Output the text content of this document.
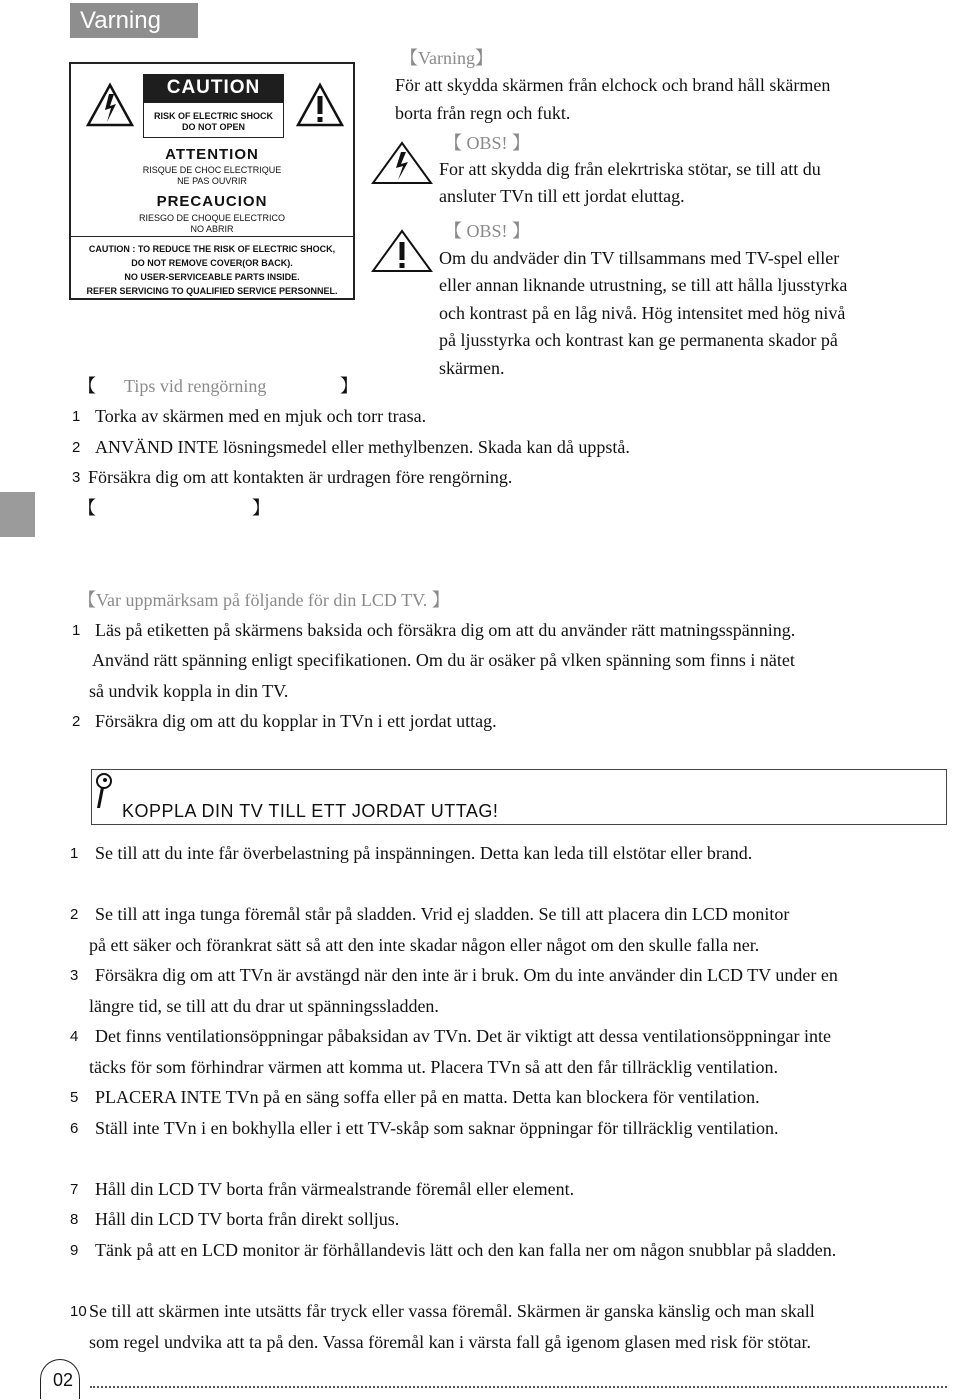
Varning
CAUTION
RISK OF ELECTRIC SHOCK
DO NOT OPEN
ATTENTION
RISQUE DE CHOC ELECTRIQUE
NE PAS OUVRIR
PRECAUCION
RIESGO DE CHOQUE ELECTRICO
NO ABRIR
CAUTION : TO REDUCE THE RISK OF ELECTRIC SHOCK,
DO NOT REMOVE COVER(OR BACK).
NO USER-SERVICEABLE PARTS INSIDE.
REFER SERVICING TO QUALIFIED SERVICE PERSONNEL.
【Varning】
För att skydda skärmen från elchock och brand håll skärmen
borta från regn och fukt.
【 OBS! 】
For att skydda dig från elekrtriska stötar, se till att du
ansluter TVn till ett jordat eluttag.
【 OBS! 】
Om du andväder din TV tillsammans med TV-spel eller
eller annan liknande utrustning, se till att hålla ljusstyrka
och kontrast på en låg nivå. Hög intensitet med hög nivå
på ljusstyrka och kontrast kan ge permanenta skador på
skärmen.
【 Tips vid rengörning	】
1 Torka av skärmen med en mjuk och torr trasa.
2 ANVÄND INTE lösningsmedel eller methylbenzen. Skada kan då uppstå.
3 Försäkra dig om att kontakten är urdragen före rengörning.
【	】
【Var uppmärksam på följande för din LCD TV. 】
1 Läs på etiketten på skärmens baksida och försäkra dig om att du använder rätt matningsspänning.
Använd rätt spänning enligt specifikationen. Om du är osäker på vlken spänning som finns i nätet
så undvik koppla in din TV.
2 Försäkra dig om att du kopplar in TVn i ett jordat uttag.
KOPPLA DIN TV TILL ETT JORDAT UTTAG!
1 Se till att du inte får överbelastning på inspänningen. Detta kan leda till elstötar eller brand.
2 Se till att inga tunga föremål står på sladden. Vrid ej sladden. Se till att placera din LCD monitor
på ett säker och förankrat sätt så att den inte skadar någon eller något om den skulle falla ner.
3 Försäkra dig om att TVn är avstängd när den inte är i bruk. Om du inte använder din LCD TV under en
längre tid, se till att du drar ut spänningssladden.
4 Det finns ventilationsöppningar påbaksidan av TVn. Det är viktigt att dessa ventilationsöppningar inte
täcks för som förhindrar värmen att komma ut. Placera TVn så att den får tillräcklig ventilation.
5 PLACERA INTE TVn på en säng soffa eller på en matta. Detta kan blockera för ventilation.
6 Ställ inte TVn i en bokhylla eller i ett TV-skåp som saknar öppningar för tillräcklig ventilation.
7 Håll din LCD TV borta från värmealstrande föremål eller element.
8 Håll din LCD TV borta från direkt solljus.
9 Tänk på att en LCD monitor är förhållandevis lätt och den kan falla ner om någon snubblar på sladden.
10 Se till att skärmen inte utsätts får tryck eller vassa föremål. Skärmen är ganska känslig och man skall
som regel undvika att ta på den. Vassa föremål kan i värsta fall gå igenom glasen med risk för stötar.
02
